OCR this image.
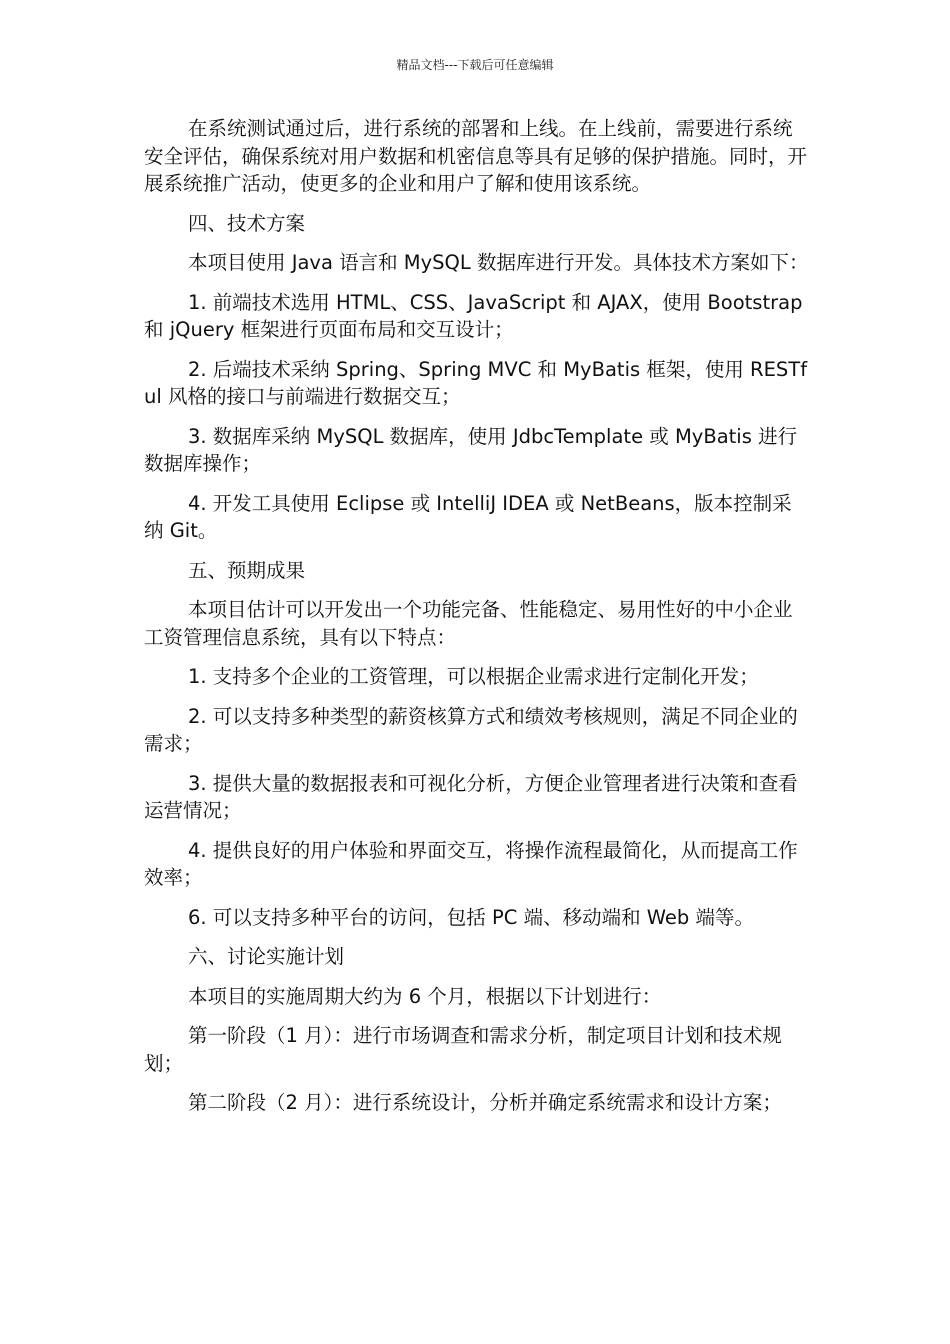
精品文档---下载后可任意编辑

在系统测试通过后，进行系统的部署和上线。在上线前，需要进行系统安全评估，确保系统对用户数据和机密信息等具有足够的保护措施。同时，开展系统推广活动，使更多的企业和用户了解和使用该系统。

四、技术方案

本项目使用 Java 语言和 MySQL 数据库进行开发。具体技术方案如下：

1. 前端技术选用 HTML、CSS、JavaScript 和 AJAX，使用 Bootstrap 和 jQuery 框架进行页面布局和交互设计；

2. 后端技术采纳 Spring、Spring MVC 和 MyBatis 框架，使用 RESTful 风格的接口与前端进行数据交互；

3. 数据库采纳 MySQL 数据库，使用 JdbcTemplate 或 MyBatis 进行数据库操作；

4. 开发工具使用 Eclipse 或 IntelliJ IDEA 或 NetBeans，版本控制采纳 Git。

五、预期成果

本项目估计可以开发出一个功能完备、性能稳定、易用性好的中小企业工资管理信息系统，具有以下特点：

1. 支持多个企业的工资管理，可以根据企业需求进行定制化开发；

2. 可以支持多种类型的薪资核算方式和绩效考核规则，满足不同企业的需求；

3. 提供大量的数据报表和可视化分析，方便企业管理者进行决策和查看运营情况；

4. 提供良好的用户体验和界面交互，将操作流程最简化，从而提高工作效率；

6. 可以支持多种平台的访问，包括 PC 端、移动端和 Web 端等。

六、讨论实施计划

本项目的实施周期大约为 6 个月，根据以下计划进行：

第一阶段（1 月）：进行市场调查和需求分析，制定项目计划和技术规划；

第二阶段（2 月）：进行系统设计，分析并确定系统需求和设计方案；
